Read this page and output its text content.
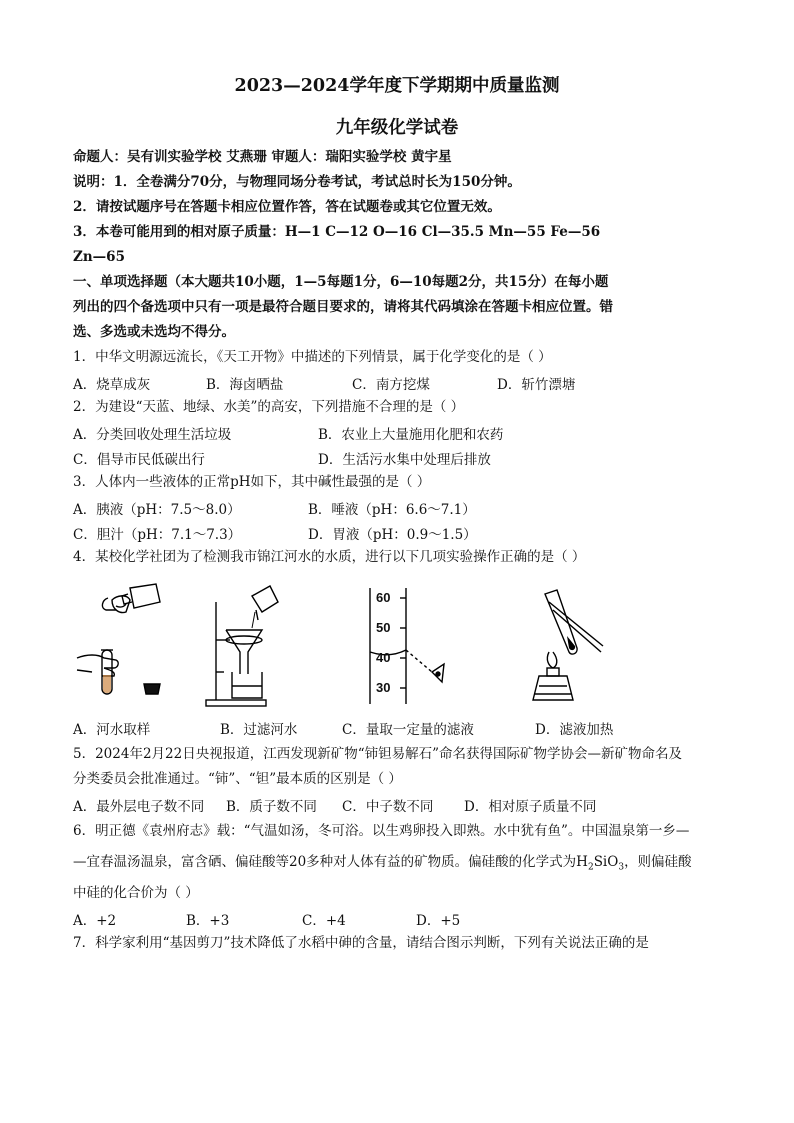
2023—2024学年度下学期期中质量监测
九年级化学试卷
命题人：吴有训实验学校 艾燕珊 审题人：瑞阳实验学校 黄宇星
说明：1．全卷满分70分，与物理同场分卷考试，考试总时长为150分钟。
2．请按试题序号在答题卡相应位置作答，答在试题卷或其它位置无效。
3．本卷可能用到的相对原子质量：H—1 C—12 O—16 Cl—35.5 Mn—55 Fe—56
Zn—65
一、单项选择题（本大题共10小题，1—5每题1分，6—10每题2分，共15分）在每小题
列出的四个备选项中只有一项是最符合题目要求的，请将其代码填涂在答题卡相应位置。错
选、多选或未选均不得分。
1．中华文明源远流长，《天工开物》中描述的下列情景，属于化学变化的是（ ）
A．烧草成灰	B．海卤晒盐	C．南方挖煤	D．斩竹漂塘
2．为建设“天蓝、地绿、水美”的高安，下列措施不合理的是（ ）
A．分类回收处理生活垃圾	B．农业上大量施用化肥和农药
C．倡导市民低碳出行	D．生活污水集中处理后排放
3．人体内一些液体的正常pH如下，其中碱性最强的是（ ）
A．胰液（pH：7.5～8.0）	B．唾液（pH：6.6～7.1）
C．胆汁（pH：7.1～7.3）	D．胃液（pH：0.9～1.5）
4．某校化学社团为了检测我市锦江河水的水质，进行以下几项实验操作正确的是（ ）
60
50
40
30
A．河水取样	B．过滤河水	C．量取一定量的滤液	D．滤液加热
5．2024年2月22日央视报道，江西发现新矿物“铈钽易解石”命名获得国际矿物学协会—新矿物命名及
分类委员会批准通过。“铈”、“钽”最本质的区别是（ ）
A．最外层电子数不同 B．质子数不同 C．中子数不同 D．相对原子质量不同
6．明正德《袁州府志》载：“气温如汤，冬可浴。以生鸡卵投入即熟。水中犹有鱼”。中国温泉第一乡—
—宜春温汤温泉，富含硒、偏硅酸等20多种对人体有益的矿物质。偏硅酸的化学式为$H_2SiO_3$，则偏硅酸
中硅的化合价为（ ）
A．+2	B．+3	C．+4	D．+5
7．科学家利用“基因剪刀”技术降低了水稻中砷的含量，请结合图示判断，下列有关说法正确的是
